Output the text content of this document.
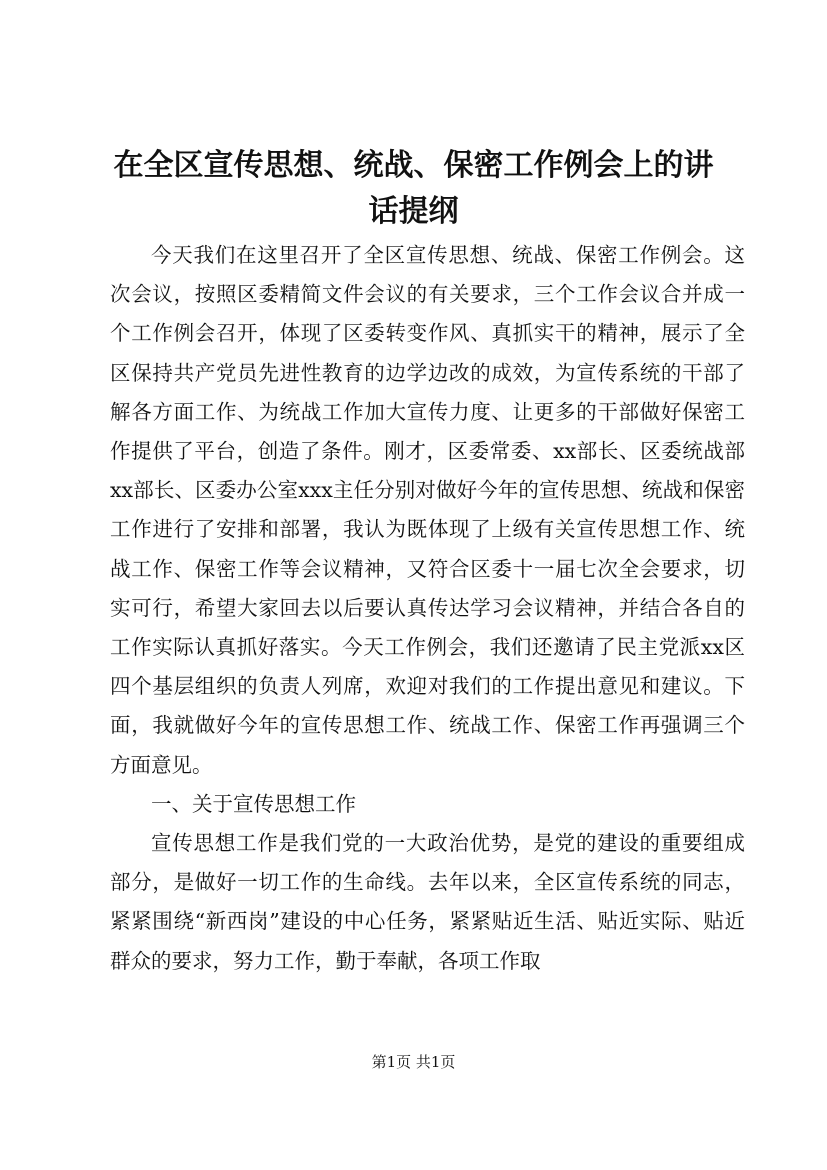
在全区宣传思想、统战、保密工作例会上的讲
话提纲

今天我们在这里召开了全区宣传思想、统战、保密工作例会。这次会议，按照区委精简文件会议的有关要求，三个工作会议合并成一个工作例会召开，体现了区委转变作风、真抓实干的精神，展示了全区保持共产党员先进性教育的边学边改的成效，为宣传系统的干部了解各方面工作、为统战工作加大宣传力度、让更多的干部做好保密工作提供了平台，创造了条件。刚才，区委常委、xx部长、区委统战部xx部长、区委办公室xxx主任分别对做好今年的宣传思想、统战和保密工作进行了安排和部署，我认为既体现了上级有关宣传思想工作、统战工作、保密工作等会议精神，又符合区委十一届七次全会要求，切实可行，希望大家回去以后要认真传达学习会议精神，并结合各自的工作实际认真抓好落实。今天工作例会，我们还邀请了民主党派xx区四个基层组织的负责人列席，欢迎对我们的工作提出意见和建议。下面，我就做好今年的宣传思想工作、统战工作、保密工作再强调三个方面意见。

一、关于宣传思想工作

宣传思想工作是我们党的一大政治优势，是党的建设的重要组成部分，是做好一切工作的生命线。去年以来，全区宣传系统的同志，紧紧围绕“新西岗”建设的中心任务，紧紧贴近生活、贴近实际、贴近群众的要求，努力工作，勤于奉献，各项工作取

第1页 共1页
